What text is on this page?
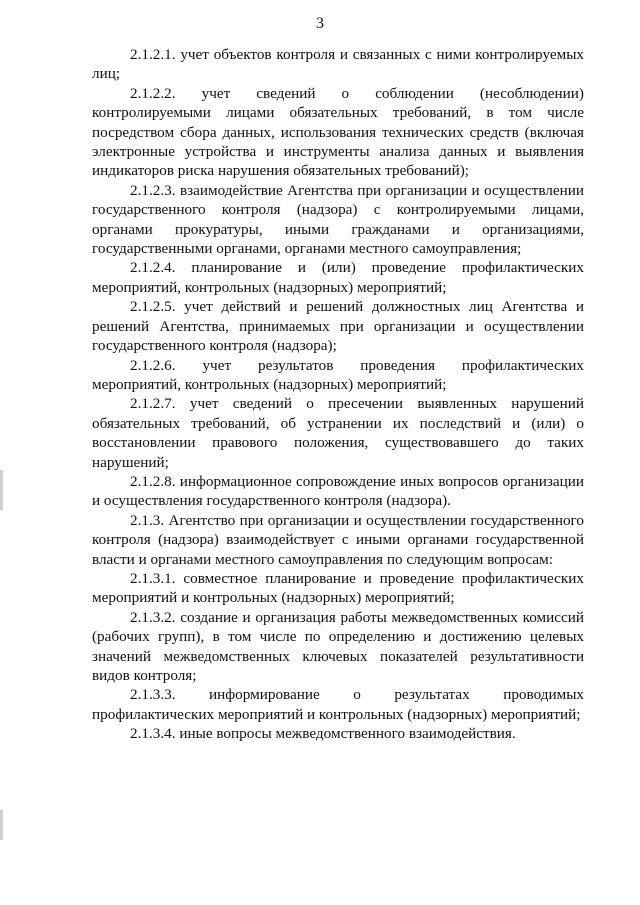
3

2.1.2.1. учет объектов контроля и связанных с ними контролируемых лиц;

2.1.2.2. учет сведений о соблюдении (несоблюдении) контролируемыми лицами обязательных требований, в том числе посредством сбора данных, использования технических средств (включая электронные устройства и инструменты анализа данных и выявления индикаторов риска нарушения обязательных требований);

2.1.2.3. взаимодействие Агентства при организации и осуществлении государственного контроля (надзора) с контролируемыми лицами, органами прокуратуры, иными гражданами и организациями, государственными органами, органами местного самоуправления;

2.1.2.4. планирование и (или) проведение профилактических мероприятий, контрольных (надзорных) мероприятий;

2.1.2.5. учет действий и решений должностных лиц Агентства и решений Агентства, принимаемых при организации и осуществлении государственного контроля (надзора);

2.1.2.6. учет результатов проведения профилактических мероприятий, контрольных (надзорных) мероприятий;

2.1.2.7. учет сведений о пресечении выявленных нарушений обязательных требований, об устранении их последствий и (или) о восстановлении правового положения, существовавшего до таких нарушений;

2.1.2.8. информационное сопровождение иных вопросов организации и осуществления государственного контроля (надзора).

2.1.3. Агентство при организации и осуществлении государственного контроля (надзора) взаимодействует с иными органами государственной власти и органами местного самоуправления по следующим вопросам:

2.1.3.1. совместное планирование и проведение профилактических мероприятий и контрольных (надзорных) мероприятий;

2.1.3.2. создание и организация работы межведомственных комиссий (рабочих групп), в том числе по определению и достижению целевых значений межведомственных ключевых показателей результативности видов контроля;

2.1.3.3. информирование о результатах проводимых профилактических мероприятий и контрольных (надзорных) мероприятий;

2.1.3.4. иные вопросы межведомственного взаимодействия.
